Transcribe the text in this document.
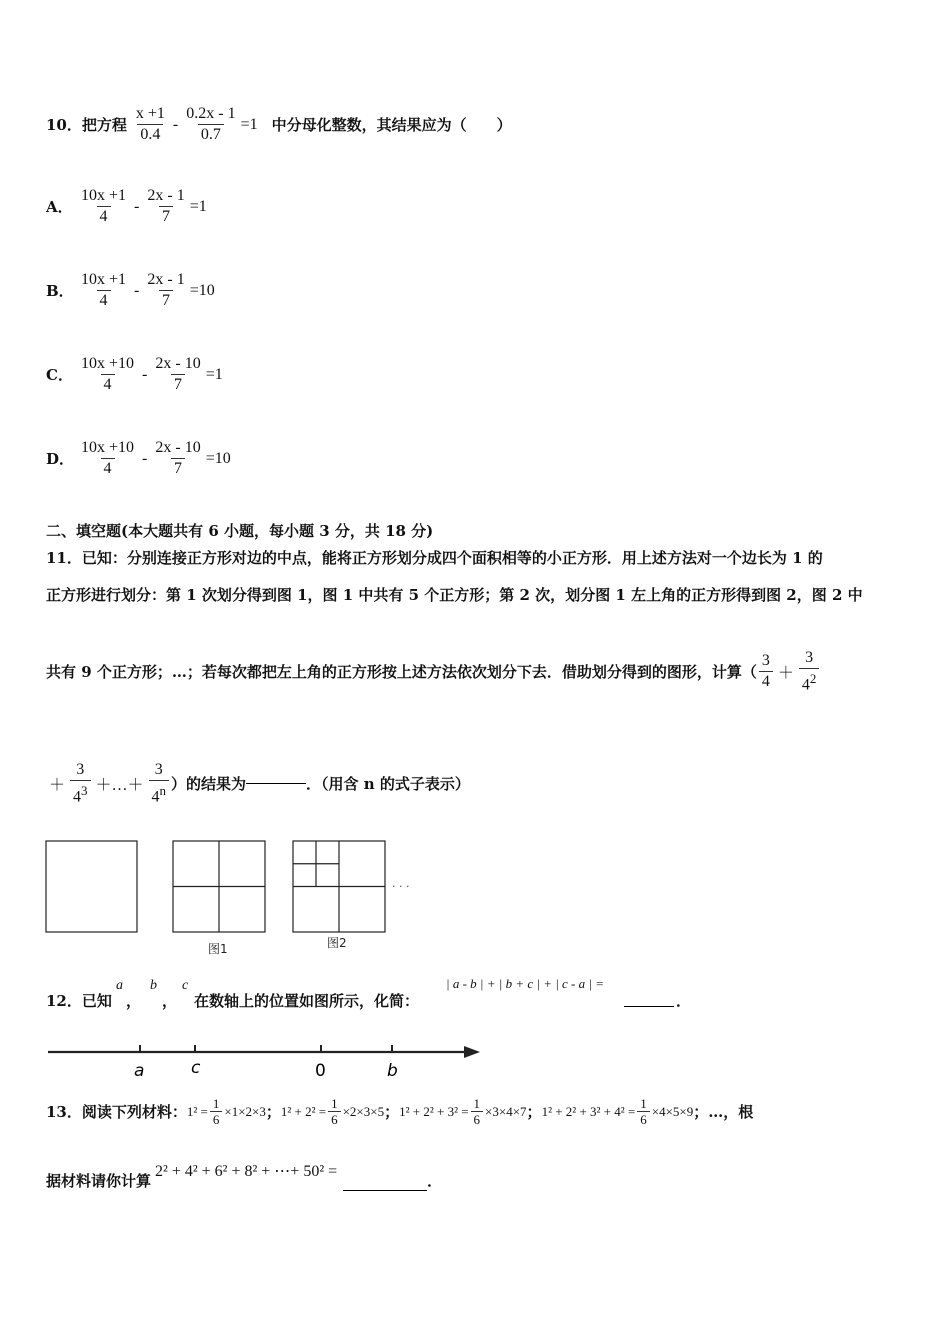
10． 把方程 $\frac{x +1}{0.4} - \frac{0.2x - 1}{0.7} =1$ 中分母化整数，其结果应为（　　）
A． $\frac{10x +1}{4} - \frac{2x - 1}{7} =1$
B． $\frac{10x +1}{4} - \frac{2x - 1}{7} =10$
C． $\frac{10x +10}{4} - \frac{2x - 10}{7} =1$
D． $\frac{10x +10}{4} - \frac{2x - 10}{7} =10$
二、填空题(本大题共有 6 小题，每小题 3 分，共 18 分)
11．已知：分别连接正方形对边的中点，能将正方形划分成四个面积相等的小正方形．用上述方法对一个边长为 1 的
正方形进行划分：第 1 次划分得到图 1，图 1 中共有 5 个正方形；第 2 次，划分图 1 左上角的正方形得到图 2，图 2 中
共有 9 个正方形；…；若每次都把左上角的正方形按上述方法依次划分下去．借助划分得到的图形，计算（ $\frac{3}{4} + \frac{3}{4^2}$
＋ $\frac{3}{4^3}$ ＋…＋ $\frac{3}{4^n}$ ）的结果为	．（用含 n 的式子表示）
· · ·
图1	图2
12．已知
a
，
b
，
c
在数轴上的位置如图所示，化简：
| a - b | + | b + c | + | c - a | =
．
a	c	0	b
13．阅读下列材料： $1^2 = \frac{1}{6} \times 1\times 2\times 3$ ； $1^2 + 2^2 = \frac{1}{6} \times 2\times 3\times 5$ ； $1^2 + 2^2 + 3^2 = \frac{1}{6} \times 3\times 4\times 7$ ； $1^2 + 2^2 + 3^2 + 4^2 = \frac{1}{6} \times 4\times 5\times 9$ ；…，根
据材料请你计算
2² + 4² + 6² + 8² + ⋯+ 50² =
．
